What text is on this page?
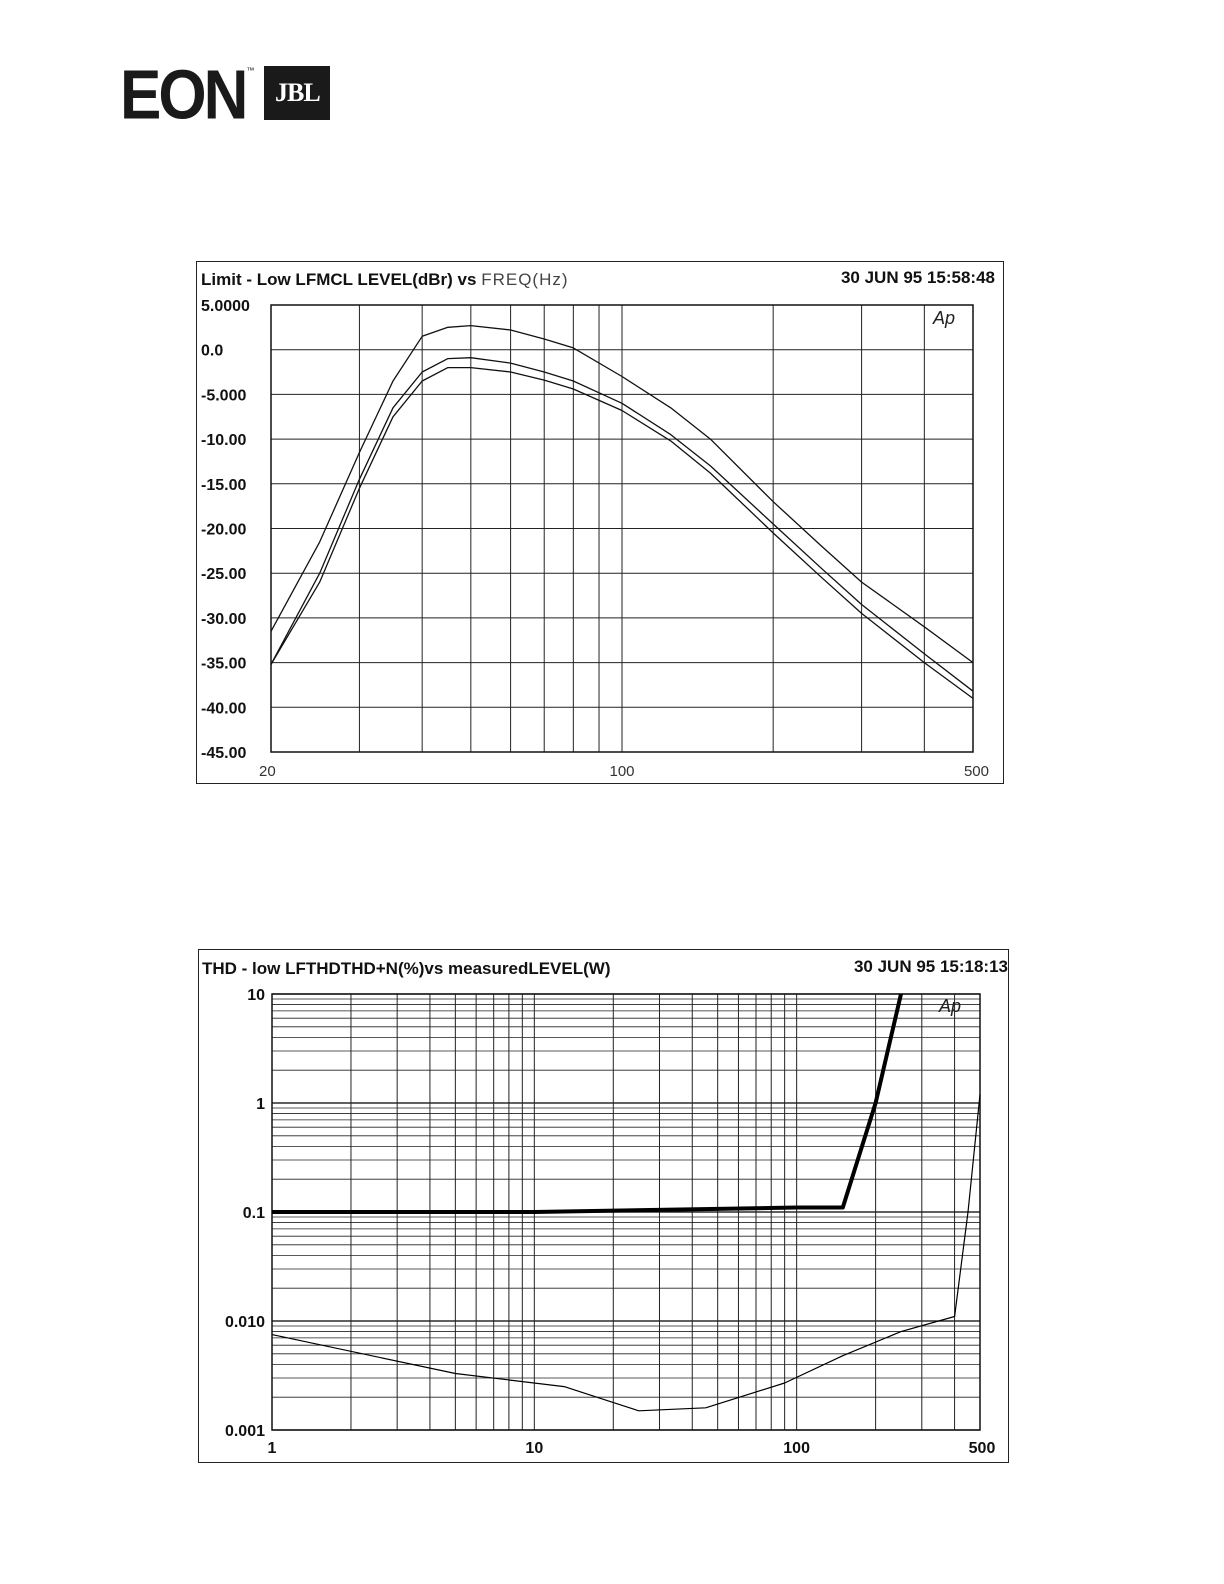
EON ™
JBL
Limit - Low LFMCL LEVEL(dBr) vs FREQ(Hz)	30 JUN 95 15:58:48
5.0000
0.0
-5.000
-10.00
-15.00
-20.00
-25.00
-30.00
-35.00
-40.00
-45.00
20	100	500
Ap
THD - low LFTHDTHD+N(%)vs measuredLEVEL(W)	30 JUN 95 15:18:13
10
1
0.1
0.010
0.001
1	10	100	500
Ap
